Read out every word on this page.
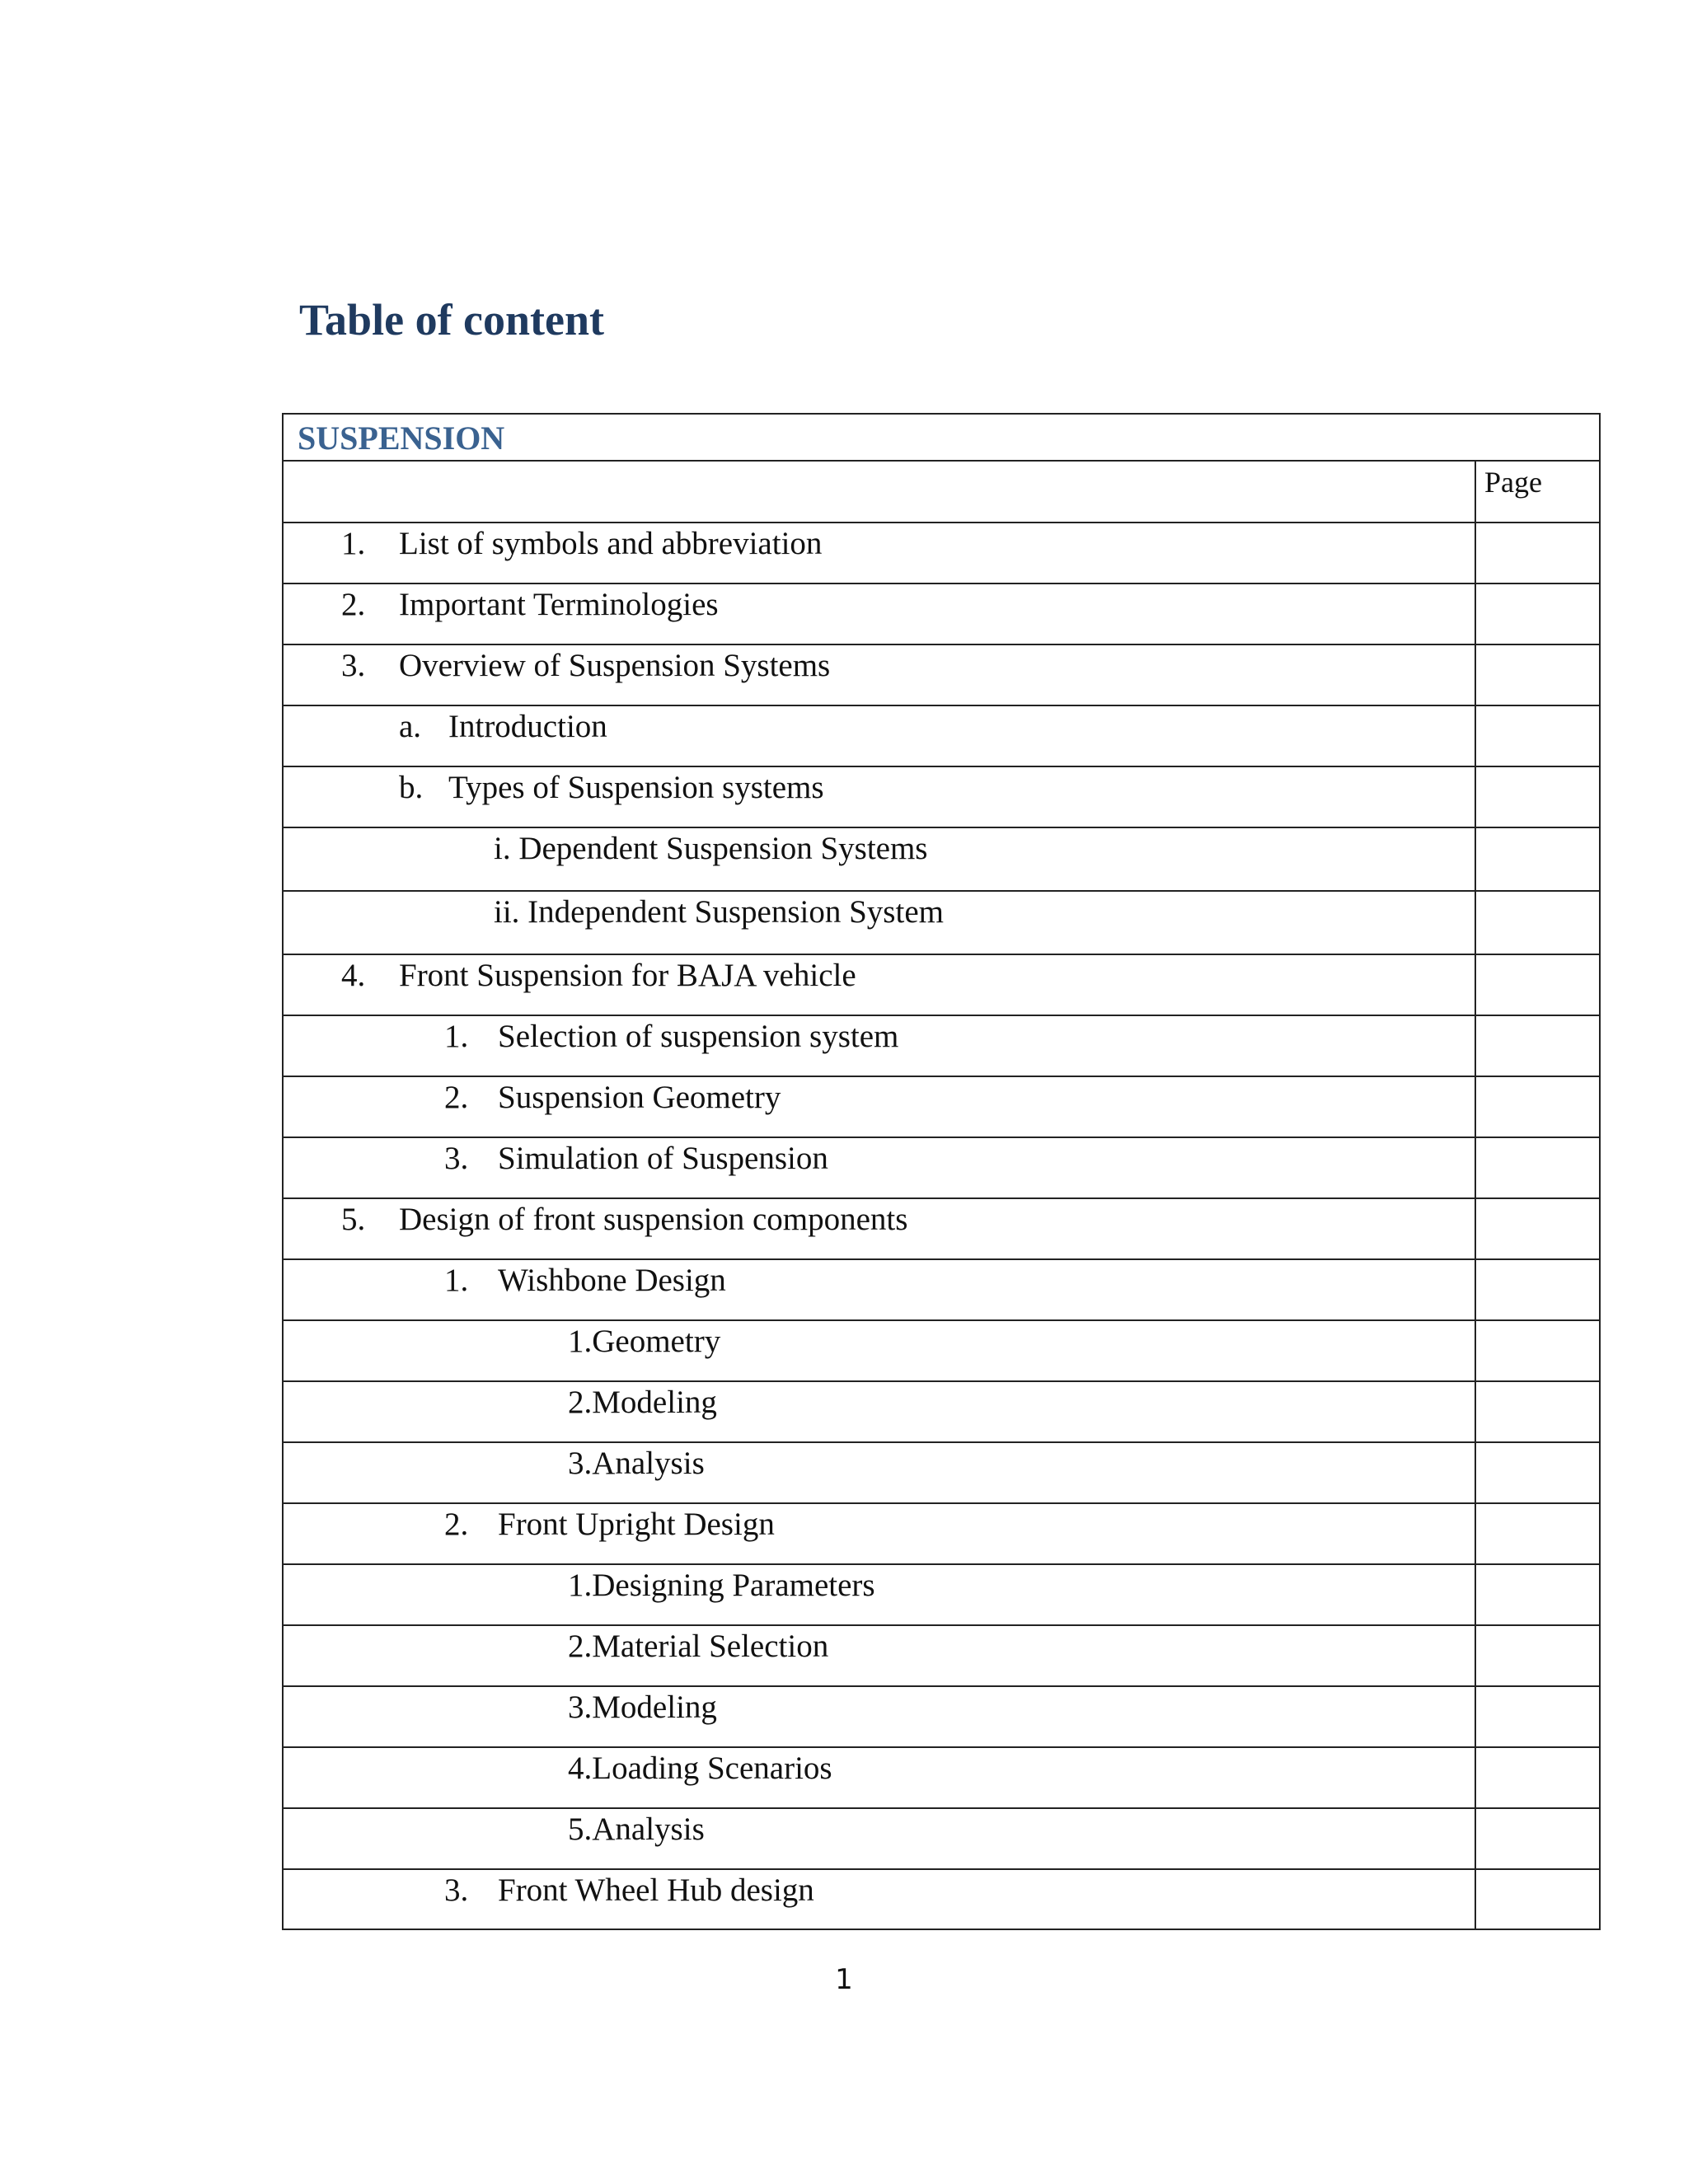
Table of content
SUSPENSION
Page
1. List of symbols and abbreviation
2. Important Terminologies
3. Overview of Suspension Systems
a. Introduction
b. Types of Suspension systems
i. Dependent Suspension Systems
ii. Independent Suspension System
4. Front Suspension for BAJA vehicle
1. Selection of suspension system
2. Suspension Geometry
3. Simulation of Suspension
5. Design of front suspension components
1. Wishbone Design
1.Geometry
2.Modeling
3.Analysis
2. Front Upright Design
1.Designing Parameters
2.Material Selection
3.Modeling
4.Loading Scenarios
5.Analysis
3. Front Wheel Hub design

1
